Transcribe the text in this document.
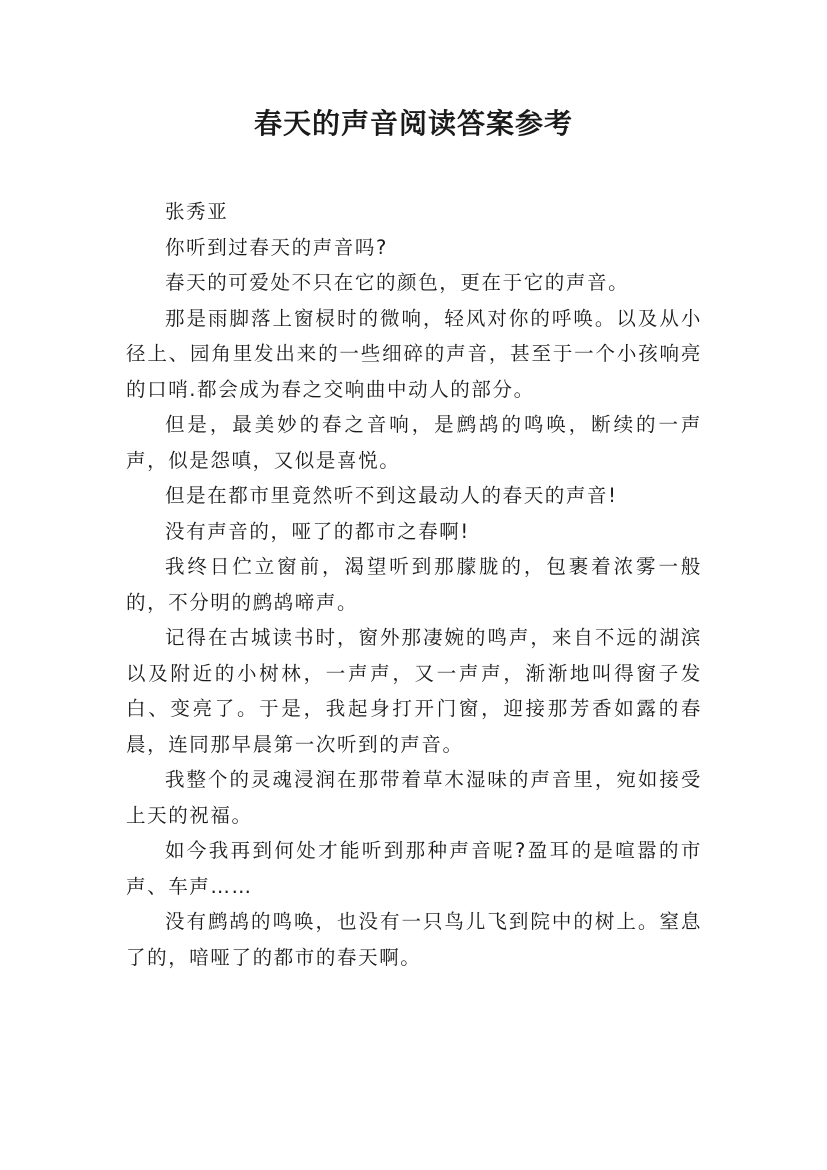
春天的声音阅读答案参考

张秀亚

你听到过春天的声音吗?

春天的可爱处不只在它的颜色，更在于它的声音。

那是雨脚落上窗棂时的微响，轻风对你的呼唤。以及从小径上、园角里发出来的一些细碎的声音，甚至于一个小孩响亮的口哨.都会成为春之交响曲中动人的部分。

但是，最美妙的春之音响，是鹧鸪的鸣唤，断续的一声声，似是怨嗔，又似是喜悦。

但是在都市里竟然听不到这最动人的春天的声音!

没有声音的，哑了的都市之春啊!

我终日伫立窗前，渴望听到那朦胧的，包裹着浓雾一般的，不分明的鹧鸪啼声。

记得在古城读书时，窗外那凄婉的鸣声，来自不远的湖滨以及附近的小树林，一声声，又一声声，渐渐地叫得窗子发白、变亮了。于是，我起身打开门窗，迎接那芳香如露的春晨，连同那早晨第一次听到的声音。

我整个的灵魂浸润在那带着草木湿味的声音里，宛如接受上天的祝福。

如今我再到何处才能听到那种声音呢?盈耳的是喧嚣的市声、车声……

没有鹧鸪的鸣唤，也没有一只鸟儿飞到院中的树上。窒息了的，喑哑了的都市的春天啊。
